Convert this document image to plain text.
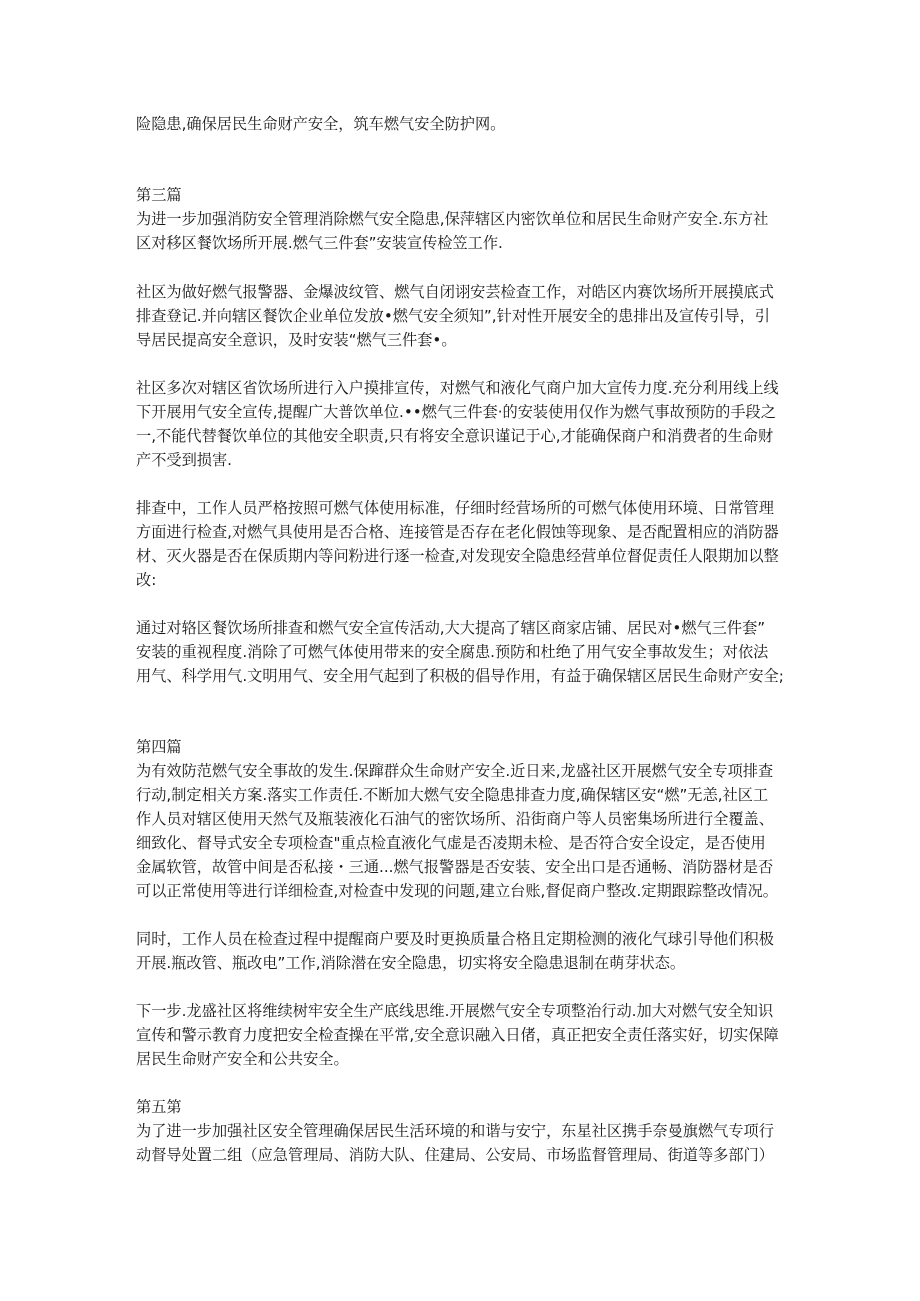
险隐患,确保居民生命财产安全，筑车燃气安全防护网。
第三篇
为进一步加强消防安全管理消除燃气安全隐患,保萍辖区内密饮单位和居民生命财产安全.东方社
区对移区餐饮场所开展.燃气三件套”安装宣传检笠工作.
社区为做好燃气报警器、金爆波纹管、燃气自闭诩安芸检查工作，对皓区内赛饮场所开展摸底式
排查登记.并向辖区餐饮企业单位发放•燃气安全须知”,针对性开展安全的患排出及宣传引导，引
导居民提高安全意识，及时安装“燃气三件套•。
社区多次对辖区省饮场所进行入户摸排宣传，对燃气和液化气商户加大宣传力度.充分利用线上线
下开展用气安全宣传,提醒广大普饮单位.••燃气三件套·的安装使用仅作为燃气事故预防的手段之
一,不能代替餐饮单位的其他安全职责,只有将安全意识谨记于心,才能确保商户和消费者的生命财
产不受到损害.
排查中，工作人员严格按照可燃气体使用标准，仔细时经营场所的可燃气体使用环境、日常管理
方面进行检查,对燃气具使用是否合格、连接管是否存在老化假蚀等现象、是否配置相应的消防器
材、灭火器是否在保质期内等问粉进行逐一检查,对发现安全隐患经营单位督促责任人限期加以整
改:
通过对辂区餐饮场所排查和燃气安全宣传活动,大大提高了辖区商家店铺、居民对•燃气三件套”
安装的重视程度.消除了可燃气体使用带来的安全腐患.预防和杜绝了用气安全事故发生；对依法
用气、科学用气.文明用气、安全用气起到了积极的倡导作用，有益于确保辖区居民生命财产安全;
第四篇
为有效防范燃气安全事故的发生.保蹿群众生命财产安全.近日来,龙盛社区开展燃气安全专项排查
行动,制定相关方案.落实工作责任.不断加大燃气安全隐患排查力度,确保辖区安“燃”无恙,社区工
作人员对辖区使用天然气及瓶装液化石油气的密饮场所、沿街商户等人员密集场所进行全覆盖、
细致化、督导式安全专项检查"重点检直液化气虚是否凌期未检、是否符合安全设定，是否使用
金属软管，故管中间是否私接・三通...燃气报警器是否安装、安全出口是否通畅、消防器材是否
可以正常使用等进行详细检查,对检查中发现的问题,建立台账,督促商户整改.定期跟踪整改情况。
同时，工作人员在检查过程中提醒商户要及时更换质量合格且定期检测的液化气球引导他们积极
开展.瓶改管、瓶改电”工作,消除潜在安全隐患，切实将安全隐患退制在萌芽状态。
下一步.龙盛社区将维续树牢安全生产底线思维.开展燃气安全专项整治行动.加大对燃气安全知识
宣传和警示教育力度把安全检查操在平常,安全意识融入日偖，真正把安全责任落实好，切实保障
居民生命财产安全和公共安全。
第五第
为了进一步加强社区安全管理确保居民生活环境的和谐与安宁，东星社区携手奈曼旗燃气专项行
动督导处置二组（应急管理局、消防大队、住建局、公安局、市场监督管理局、街道等多部门）
